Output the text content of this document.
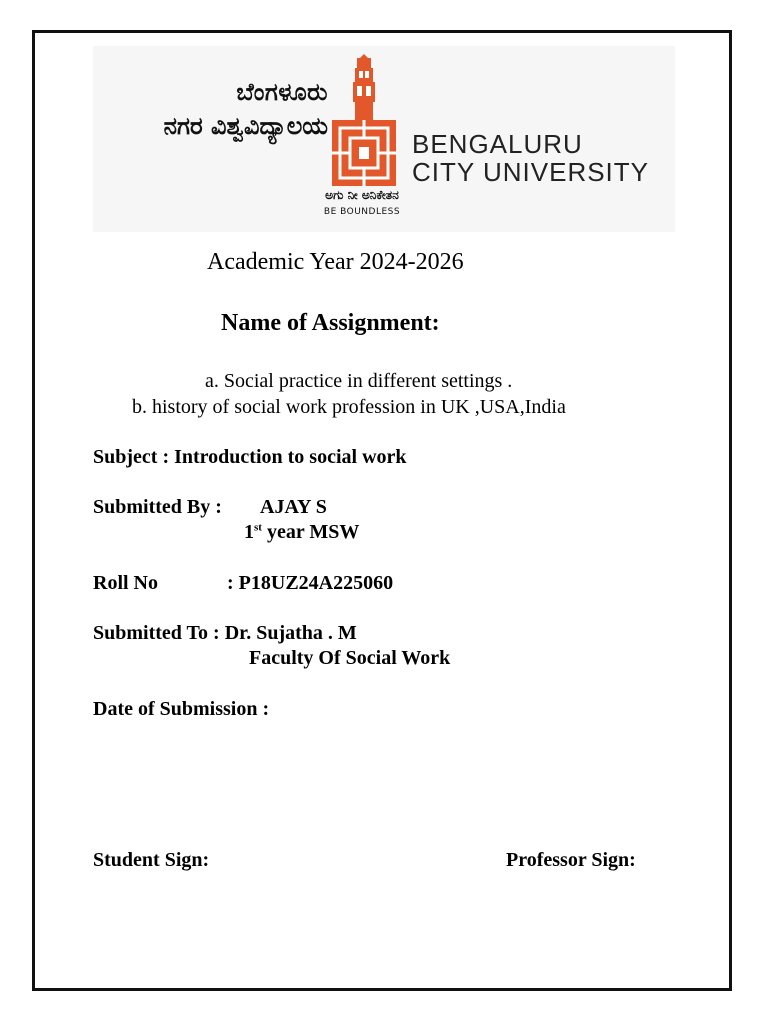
ಬೆಂಗಳೂರು
ನಗರ ವಿಶ್ವವಿದ್ಯಾಲಯ
BENGALURU
CITY UNIVERSITY
ಅಗು ನೀ ಅನಿಕೇತನ
BE BOUNDLESS
Academic Year 2024-2026
Name of Assignment:
a. Social practice in different settings .
b. history of social work profession in UK ,USA,India
Subject : Introduction to social work
Submitted By : AJAY S
1st year MSW
Roll No	: P18UZ24A225060
Submitted To : Dr. Sujatha . M
Faculty Of Social Work
Date of Submission :
Student Sign:	Professor Sign:
